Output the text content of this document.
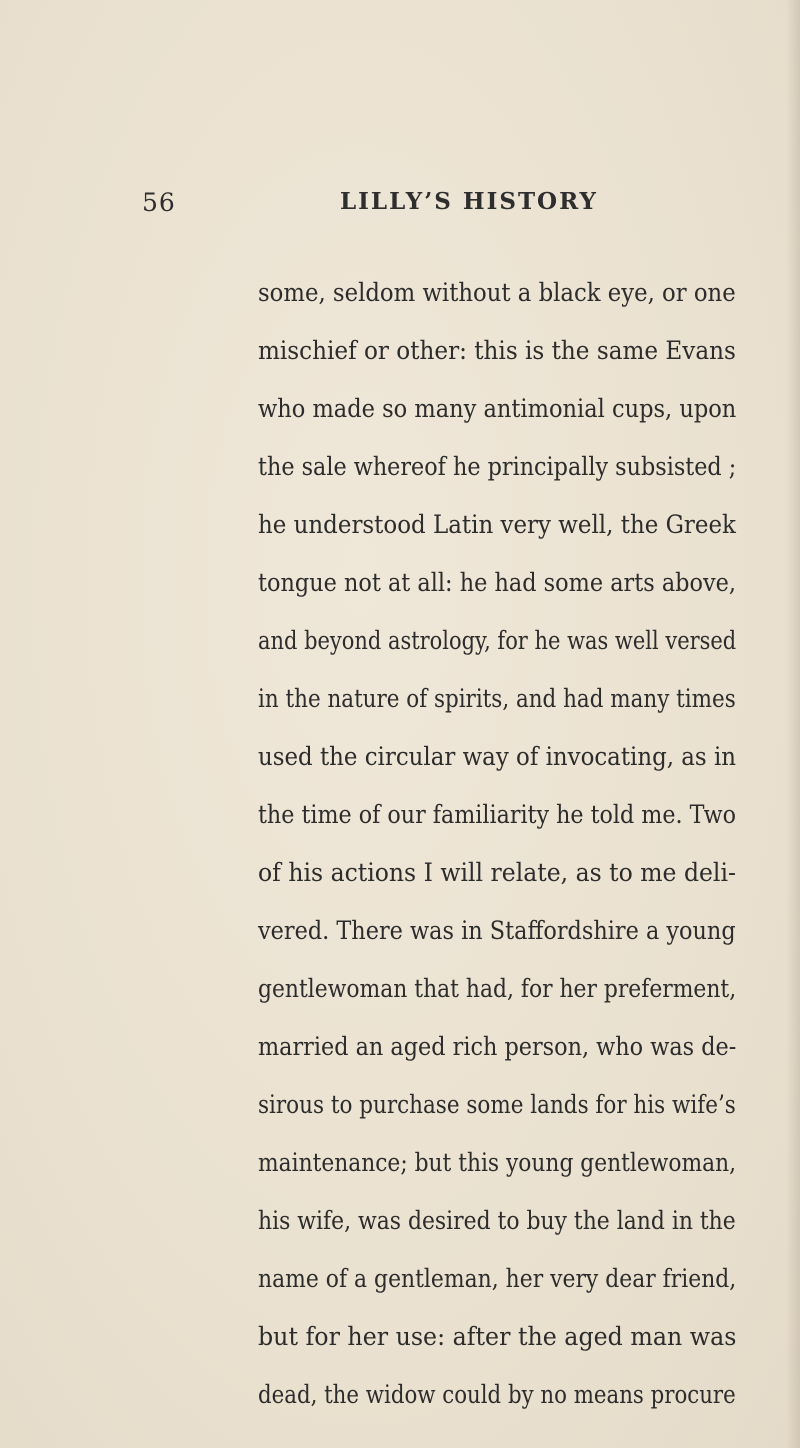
56	LILLY’S HISTORY
some, seldom without a black eye, or one
mischief or other: this is the same Evans
who made so many antimonial cups, upon
the sale whereof he principally subsisted ;
he understood Latin very well, the Greek
tongue not at all: he had some arts above,
and beyond astrology, for he was well versed
in the nature of spirits, and had many times
used the circular way of invocating, as in
the time of our familiarity he told me. Two
of his actions I will relate, as to me deli-
vered. There was in Staffordshire a young
gentlewoman that had, for her preferment,
married an aged rich person, who was de-
sirous to purchase some lands for his wife’s
maintenance; but this young gentlewoman,
his wife, was desired to buy the land in the
name of a gentleman, her very dear friend,
but for her use: after the aged man was
dead, the widow could by no means procure
